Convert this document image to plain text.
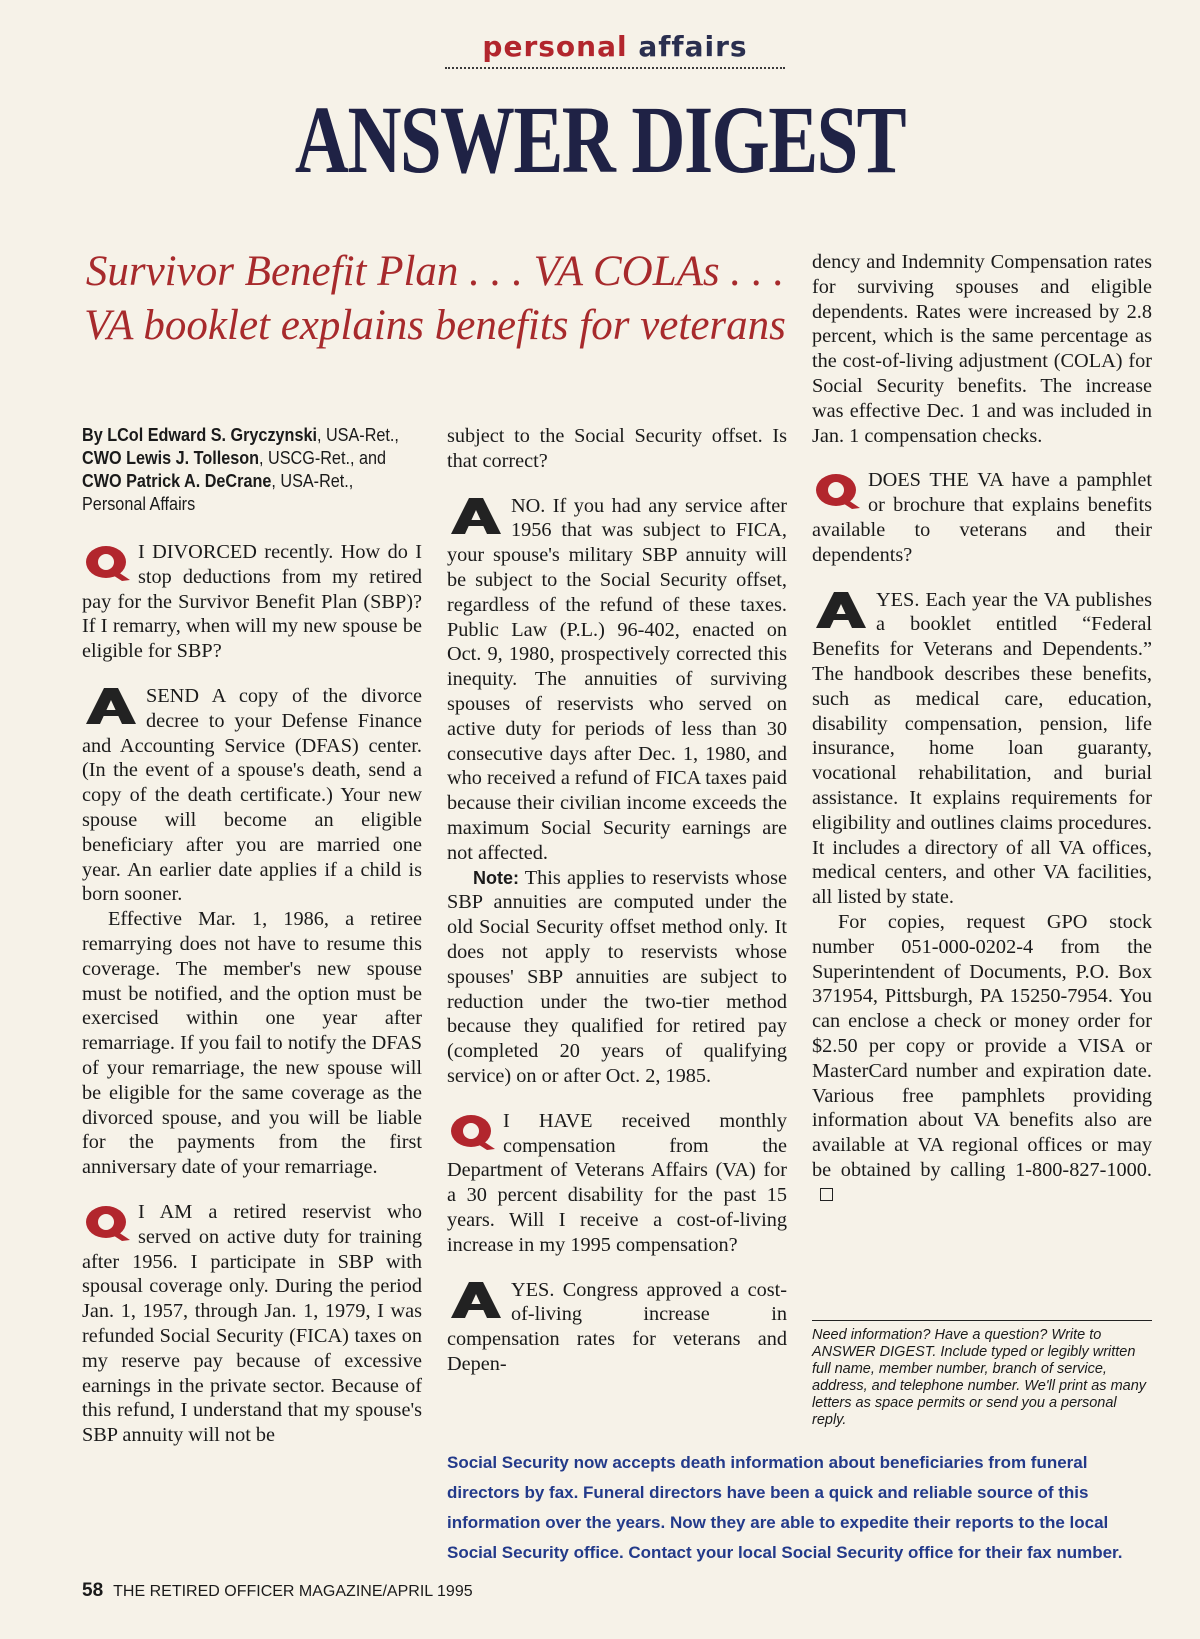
personal affairs
ANSWER DIGEST
Survivor Benefit Plan . . . VA COLAs . . . VA booklet explains benefits for veterans
By LCol Edward S. Gryczynski, USA-Ret.,
CWO Lewis J. Tolleson, USCG-Ret., and
CWO Patrick A. DeCrane, USA-Ret.,
Personal Affairs

I DIVORCED recently. How do I stop deductions from my retired pay for the Survivor Benefit Plan (SBP)? If I remarry, when will my new spouse be eligible for SBP?

SEND A copy of the divorce decree to your Defense Finance and Accounting Service (DFAS) center. (In the event of a spouse's death, send a copy of the death certificate.) Your new spouse will become an eligible beneficiary after you are married one year. An earlier date applies if a child is born sooner.

Effective Mar. 1, 1986, a retiree remarrying does not have to resume this coverage. The member's new spouse must be notified, and the option must be exercised within one year after remarriage. If you fail to notify the DFAS of your remarriage, the new spouse will be eligible for the same coverage as the divorced spouse, and you will be liable for the payments from the first anniversary date of your remarriage.

I AM a retired reservist who served on active duty for training after 1956. I participate in SBP with spousal coverage only. During the period Jan. 1, 1957, through Jan. 1, 1979, I was refunded Social Security (FICA) taxes on my reserve pay because of excessive earnings in the private sector. Because of this refund, I understand that my spouse's SBP annuity will not be

subject to the Social Security offset. Is that correct?

NO. If you had any service after 1956 that was subject to FICA, your spouse's military SBP annuity will be subject to the Social Security offset, regardless of the refund of these taxes. Public Law (P.L.) 96-402, enacted on Oct. 9, 1980, prospectively corrected this inequity. The annuities of surviving spouses of reservists who served on active duty for periods of less than 30 consecutive days after Dec. 1, 1980, and who received a refund of FICA taxes paid because their civilian income exceeds the maximum Social Security earnings are not affected.

Note: This applies to reservists whose SBP annuities are computed under the old Social Security offset method only. It does not apply to reservists whose spouses' SBP annuities are subject to reduction under the two-tier method because they qualified for retired pay (completed 20 years of qualifying service) on or after Oct. 2, 1985.

I HAVE received monthly compensation from the Department of Veterans Affairs (VA) for a 30 percent disability for the past 15 years. Will I receive a cost-of-living increase in my 1995 compensation?

YES. Congress approved a cost-of-living increase in compensation rates for veterans and Depen-

dency and Indemnity Compensation rates for surviving spouses and eligible dependents. Rates were increased by 2.8 percent, which is the same percentage as the cost-of-living adjustment (COLA) for Social Security benefits. The increase was effective Dec. 1 and was included in Jan. 1 compensation checks.

DOES THE VA have a pamphlet or brochure that explains benefits available to veterans and their dependents?

YES. Each year the VA publishes a booklet entitled “Federal Benefits for Veterans and Dependents.” The handbook describes these benefits, such as medical care, education, disability compensation, pension, life insurance, home loan guaranty, vocational rehabilitation, and burial assistance. It explains requirements for eligibility and outlines claims procedures. It includes a directory of all VA offices, medical centers, and other VA facilities, all listed by state.

For copies, request GPO stock number 051-000-0202-4 from the Superintendent of Documents, P.O. Box 371954, Pittsburgh, PA 15250-7954. You can enclose a check or money order for $2.50 per copy or provide a VISA or MasterCard number and expiration date. Various free pamphlets providing information about VA benefits also are available at VA regional offices or may be obtained by calling 1-800-827-1000.

Need information? Have a question? Write to ANSWER DIGEST. Include typed or legibly written full name, member number, branch of service, address, and telephone number. We'll print as many letters as space permits or send you a personal reply.
Social Security now accepts death information about beneficiaries from funeral directors by fax. Funeral directors have been a quick and reliable source of this information over the years. Now they are able to expedite their reports to the local Social Security office. Contact your local Social Security office for their fax number.
58 THE RETIRED OFFICER MAGAZINE/APRIL 1995
